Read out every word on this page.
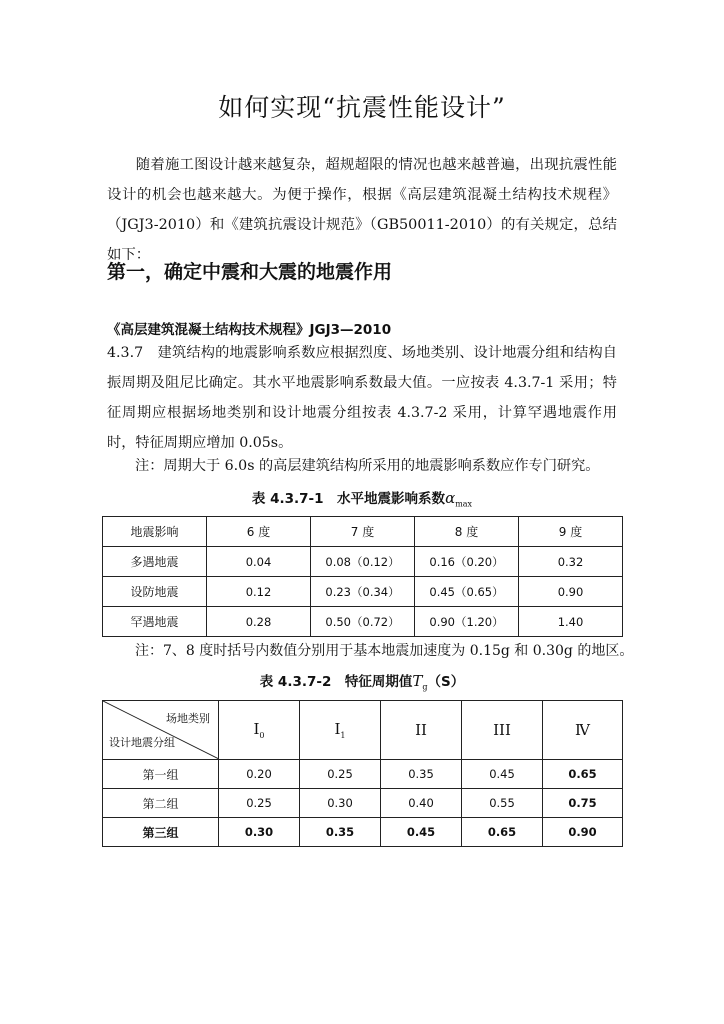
如何实现“抗震性能设计”

随着施工图设计越来越复杂，超规超限的情况也越来越普遍，出现抗震性能设计的机会也越来越大。为便于操作，根据《高层建筑混凝土结构技术规程》（JGJ3-2010）和《建筑抗震设计规范》（GB50011-2010）的有关规定，总结如下：

第一，确定中震和大震的地震作用
《高层建筑混凝土结构技术规程》JGJ3—2010

4.3.7　建筑结构的地震影响系数应根据烈度、场地类别、设计地震分组和结构自振周期及阻尼比确定。其水平地震影响系数最大值。一应按表 4.3.7-1 采用；特征周期应根据场地类别和设计地震分组按表 4.3.7-2 采用，计算罕遇地震作用时，特征周期应增加 0.05s。

注：周期大于 6.0s 的高层建筑结构所采用的地震影响系数应作专门研究。
表 4.3.7-1　水平地震影响系数$\alpha_{max}$
地震影响	6 度	7 度	8 度	9 度
多遇地震	0.04	0.08（0.12）	0.16（0.20）	0.32
设防地震	0.12	0.23（0.34）	0.45（0.65）	0.90
罕遇地震	0.28	0.50（0.72）	0.90（1.20）	1.40
注：7、8 度时括号内数值分别用于基本地震加速度为 0.15g 和 0.30g 的地区。
表 4.3.7-2　特征周期值$T_g(S)$
场地类别
设计地震分组	$I_0$	$I_1$	II	III	Ⅳ
第一组	0.20	0.25	0.35	0.45	0.65
第二组	0.25	0.30	0.40	0.55	0.75
第三组	0.30	0.35	0.45	0.65	0.90
